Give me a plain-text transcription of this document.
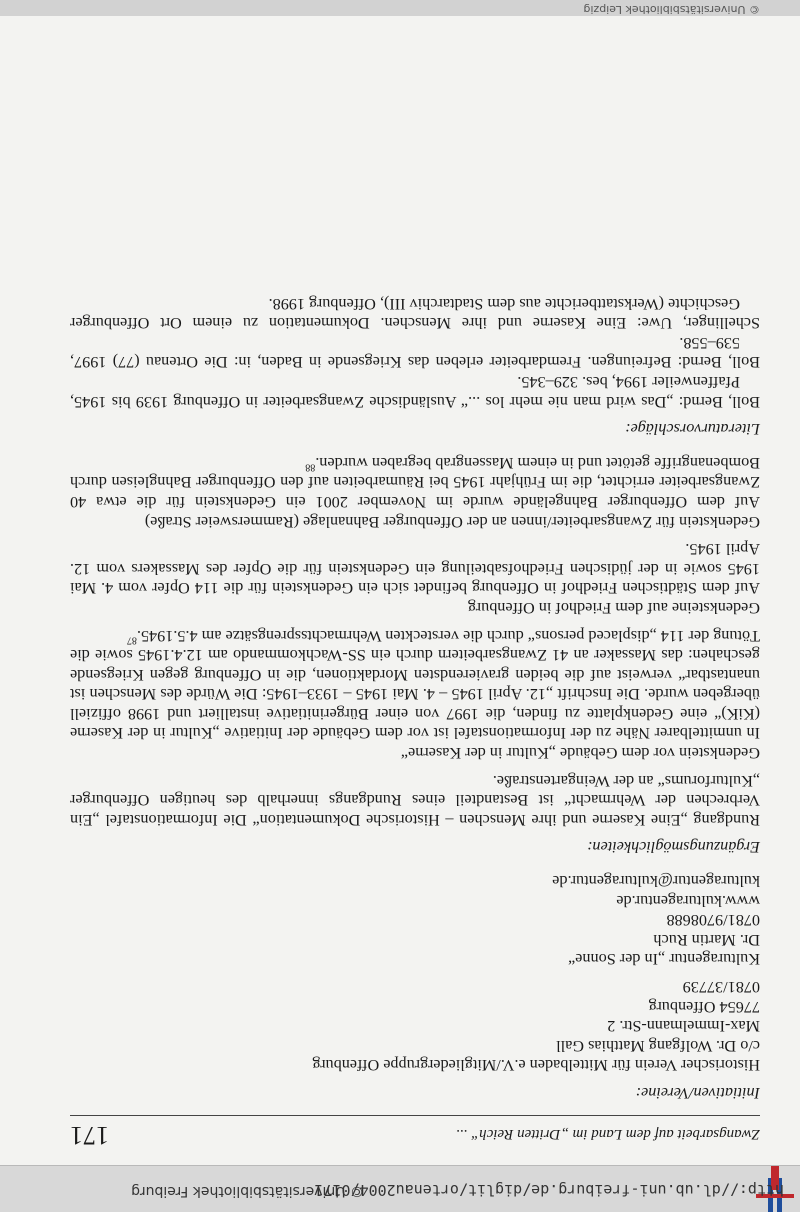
http://dl.ub.uni-freiburg.de/diglit/ortenau2004/0171
© Universitätsbibliothek Freiburg
Zwangsarbeit auf dem Land im „Dritten Reich“ ...
171

Initiativen/Vereine:

Historischer Verein für Mittelbaden e.V./Mitgliedergruppe Offenburg

c/o Dr. Wolfgang Matthias Gall

Max-Immelmann-Str. 2

77654 Offenburg

0781/37739

Kulturagentur „In der Sonne“

Dr. Martin Ruch

0781/9708688

www.kulturagentur.de

kulturagentur@kulturagentur.de

Ergänzungsmöglichkeiten:

Rundgang „Eine Kaserne und ihre Menschen – Historische Dokumentation“ Die Informationstafel „Ein Verbrechen der Wehrmacht“ ist Bestandteil eines Rundgangs innerhalb des heutigen Offenburger „Kulturforums“ an der Weingartenstraße.

Gedenkstein vor dem Gebäude „Kultur in der Kaserne“

In unmittelbarer Nähe zu der Informationstafel ist vor dem Gebäude der Initiative „Kultur in der Kaserne (KiK)“ eine Gedenkplatte zu finden, die 1997 von einer Bürgerinitiative installiert und 1998 offiziell übergeben wurde. Die Inschrift „12. April 1945 – 4. Mai 1945 – 1933–1945: Die Würde des Menschen ist unantastbar“ verweist auf die beiden gravierendsten Mordaktionen, die in Offenburg gegen Kriegsende geschahen: das Massaker an 41 Zwangsarbeitern durch ein SS-Wachkommando am 12.4.1945 sowie die Tötung der 114 „displaced persons“ durch die versteckten Wehrmachtssprengsätze am 4.5.1945.87

Gedenksteine auf dem Friedhof in Offenburg

Auf dem Städtischen Friedhof in Offenburg befindet sich ein Gedenkstein für die 114 Opfer vom 4. Mai 1945 sowie in der jüdischen Friedhofsabteilung ein Gedenkstein für die Opfer des Massakers vom 12. April 1945.

Gedenkstein für Zwangsarbeiter/innen an der Offenburger Bahnanlage (Rammersweier Straße)

Auf dem Offenburger Bahngelände wurde im November 2001 ein Gedenkstein für die etwa 40 Zwangsarbeiter errichtet, die im Frühjahr 1945 bei Räumarbeiten auf den Offenburger Bahngleisen durch Bombenangriffe getötet und in einem Massengrab begraben wurden.$^{88}$

Literaturvorschläge:

Boll, Bernd: „Das wird man nie mehr los ...“ Ausländische Zwangsarbeiter in Offenburg 1939 bis 1945, Pfaffenweiler 1994, bes. 329–345.

Boll, Bernd: Befreiungen. Fremdarbeiter erleben das Kriegsende in Baden, in: Die Ortenau (77) 1997, 539–558.

Schellinger, Uwe: Eine Kaserne und ihre Menschen. Dokumentation zu einem Ort Offenburger Geschichte (Werkstattberichte aus dem Stadtarchiv III), Offenburg 1998.

© Universitätsbibliothek Leipzig
